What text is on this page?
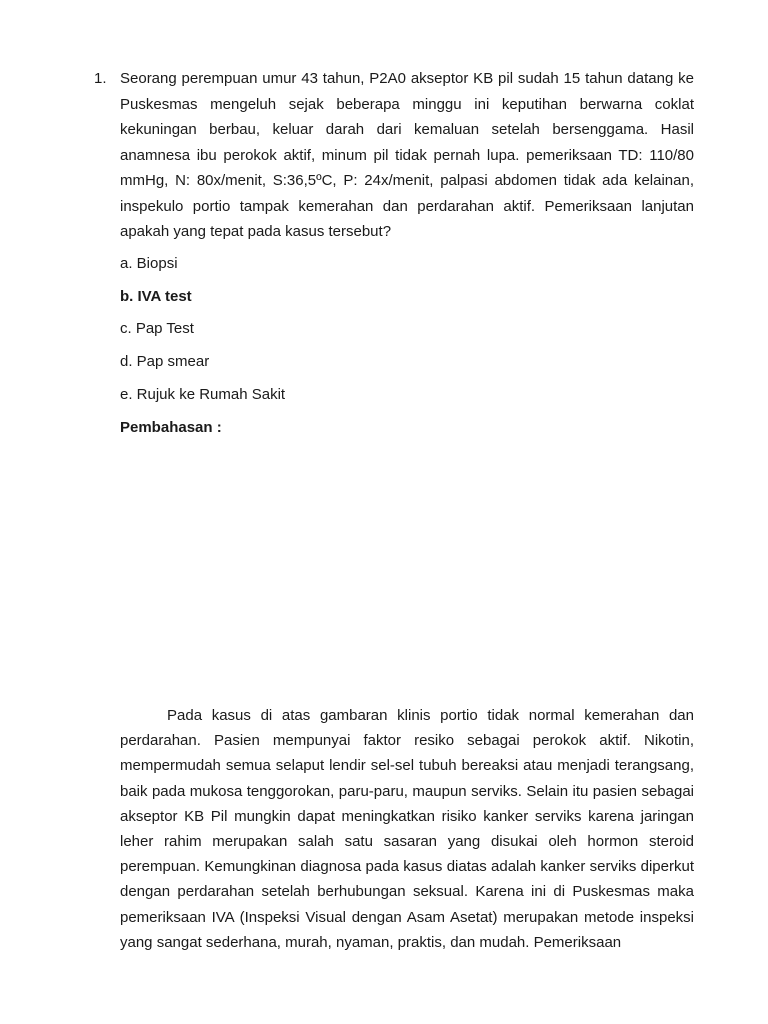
1. Seorang perempuan umur 43 tahun, P2A0 akseptor KB pil sudah 15 tahun datang ke Puskesmas mengeluh sejak beberapa minggu ini keputihan berwarna coklat kekuningan berbau, keluar darah dari kemaluan setelah bersenggama. Hasil anamnesa ibu perokok aktif, minum pil tidak pernah lupa. pemeriksaan TD: 110/80 mmHg, N: 80x/menit, S:36,5ºC, P: 24x/menit, palpasi abdomen tidak ada kelainan, inspekulo portio tampak kemerahan dan perdarahan aktif. Pemeriksaan lanjutan apakah yang tepat pada kasus tersebut?
a. Biopsi
b. IVA test
c. Pap Test
d. Pap smear
e. Rujuk ke Rumah Sakit
Pembahasan :
Pada kasus di atas gambaran klinis portio tidak normal kemerahan dan perdarahan. Pasien mempunyai faktor resiko sebagai perokok aktif. Nikotin, mempermudah semua selaput lendir sel-sel tubuh bereaksi atau menjadi terangsang, baik pada mukosa tenggorokan, paru-paru, maupun serviks. Selain itu pasien sebagai akseptor KB Pil mungkin dapat meningkatkan risiko kanker serviks karena jaringan leher rahim merupakan salah satu sasaran yang disukai oleh hormon steroid perempuan. Kemungkinan diagnosa pada kasus diatas adalah kanker serviks diperkut dengan perdarahan setelah berhubungan seksual. Karena ini di Puskesmas maka pemeriksaan IVA (Inspeksi Visual dengan Asam Asetat) merupakan metode inspeksi yang sangat sederhana, murah, nyaman, praktis, dan mudah. Pemeriksaan
